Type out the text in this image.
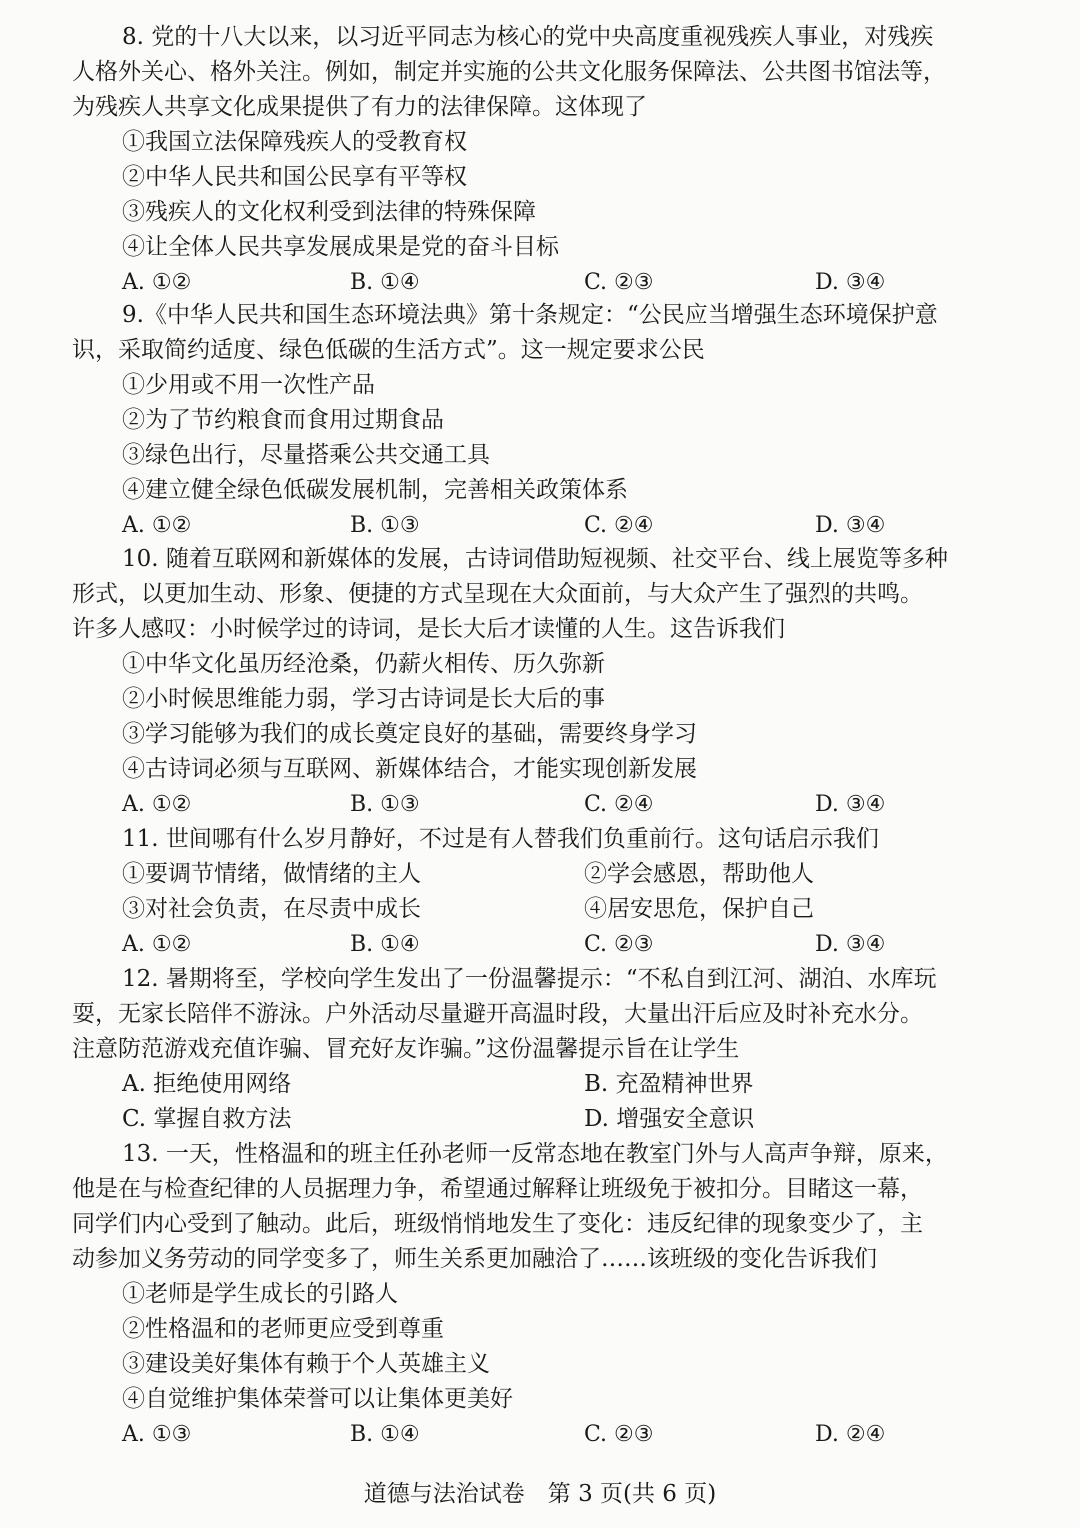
8. 党的十八大以来，以习近平同志为核心的党中央高度重视残疾人事业，对残疾
人格外关心、格外关注。例如，制定并实施的公共文化服务保障法、公共图书馆法等，
为残疾人共享文化成果提供了有力的法律保障。这体现了
①我国立法保障残疾人的受教育权
②中华人民共和国公民享有平等权
③残疾人的文化权利受到法律的特殊保障
④让全体人民共享发展成果是党的奋斗目标
A. ①②	B. ①④	C. ②③	D. ③④
9.《中华人民共和国生态环境法典》第十条规定：“公民应当增强生态环境保护意
识，采取简约适度、绿色低碳的生活方式”。这一规定要求公民
①少用或不用一次性产品
②为了节约粮食而食用过期食品
③绿色出行，尽量搭乘公共交通工具
④建立健全绿色低碳发展机制，完善相关政策体系
A. ①②	B. ①③	C. ②④	D. ③④
10. 随着互联网和新媒体的发展，古诗词借助短视频、社交平台、线上展览等多种
形式，以更加生动、形象、便捷的方式呈现在大众面前，与大众产生了强烈的共鸣。
许多人感叹：小时候学过的诗词，是长大后才读懂的人生。这告诉我们
①中华文化虽历经沧桑，仍薪火相传、历久弥新
②小时候思维能力弱，学习古诗词是长大后的事
③学习能够为我们的成长奠定良好的基础，需要终身学习
④古诗词必须与互联网、新媒体结合，才能实现创新发展
A. ①②	B. ①③	C. ②④	D. ③④
11. 世间哪有什么岁月静好，不过是有人替我们负重前行。这句话启示我们
①要调节情绪，做情绪的主人	②学会感恩，帮助他人
③对社会负责，在尽责中成长	④居安思危，保护自己
A. ①②	B. ①④	C. ②③	D. ③④
12. 暑期将至，学校向学生发出了一份温馨提示：“不私自到江河、湖泊、水库玩
耍，无家长陪伴不游泳。户外活动尽量避开高温时段，大量出汗后应及时补充水分。
注意防范游戏充值诈骗、冒充好友诈骗。”这份温馨提示旨在让学生
A. 拒绝使用网络	B. 充盈精神世界
C. 掌握自救方法	D. 增强安全意识
13. 一天，性格温和的班主任孙老师一反常态地在教室门外与人高声争辩，原来，
他是在与检查纪律的人员据理力争，希望通过解释让班级免于被扣分。目睹这一幕，
同学们内心受到了触动。此后，班级悄悄地发生了变化：违反纪律的现象变少了，主
动参加义务劳动的同学变多了，师生关系更加融洽了……该班级的变化告诉我们
①老师是学生成长的引路人
②性格温和的老师更应受到尊重
③建设美好集体有赖于个人英雄主义
④自觉维护集体荣誉可以让集体更美好
A. ①③	B. ①④	C. ②③	D. ②④
道德与法治试卷　第 3 页(共 6 页)
